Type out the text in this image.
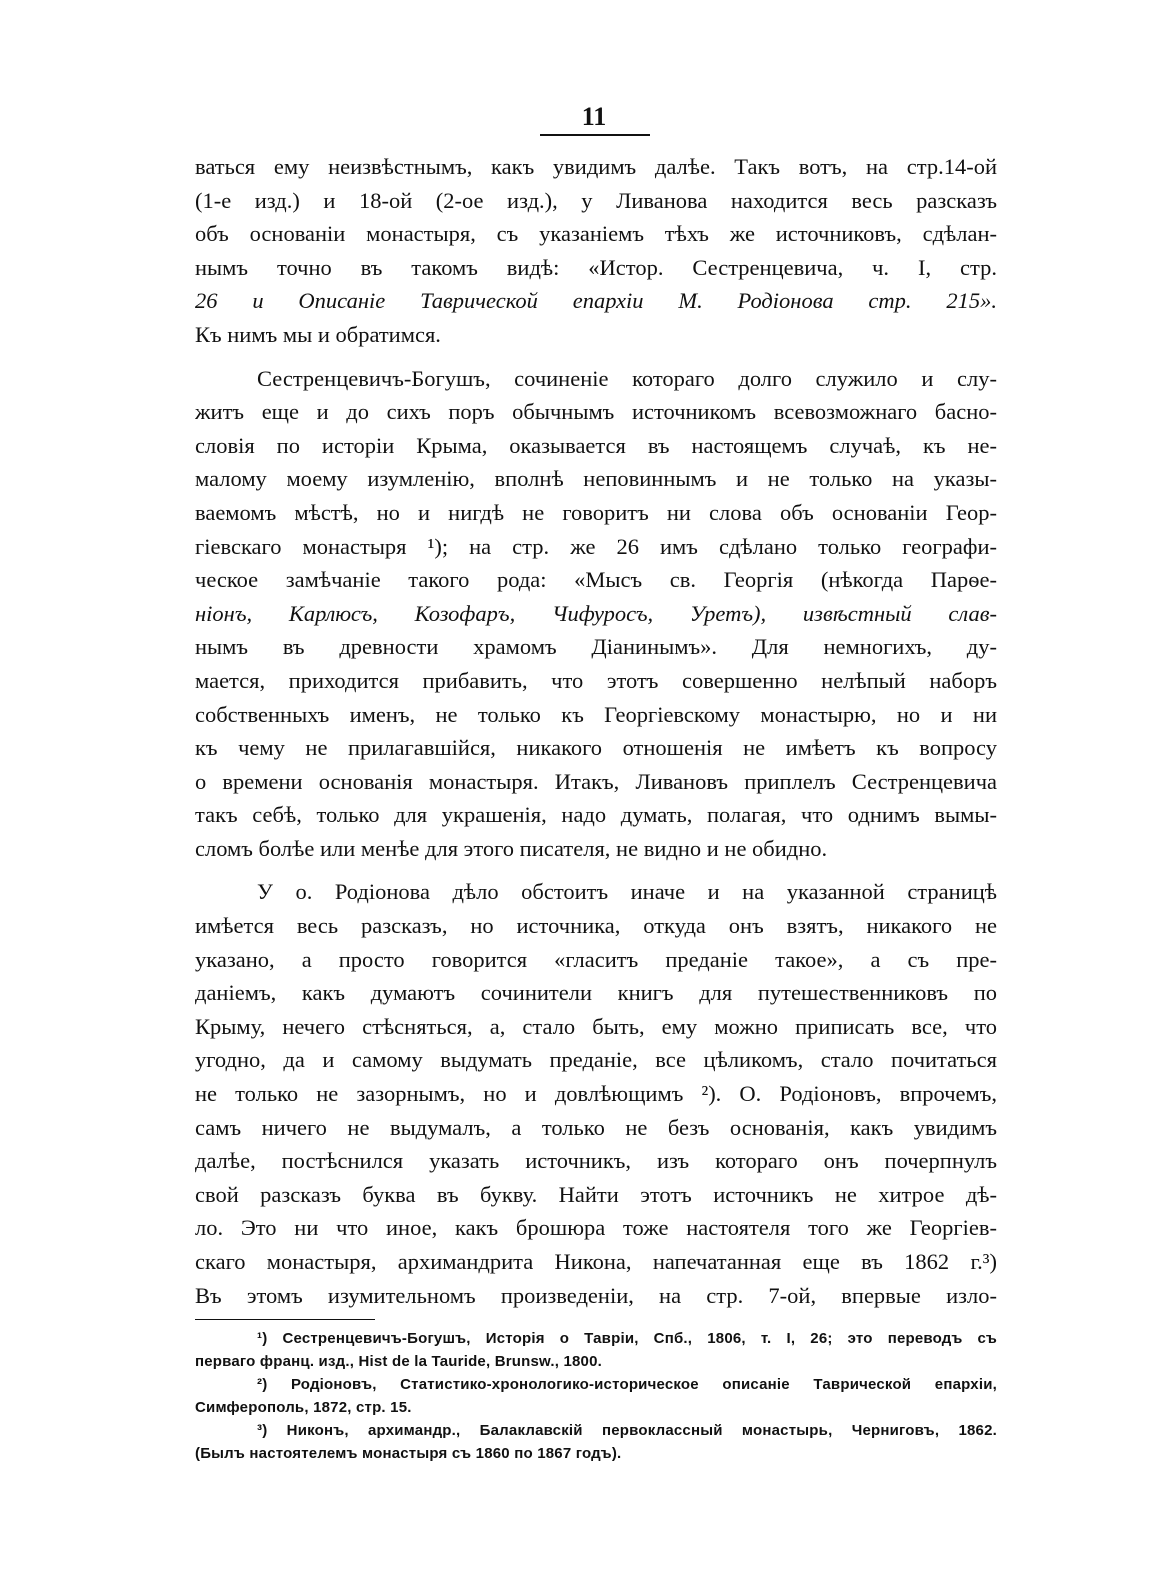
11
ваться ему неизвѣстнымъ, какъ увидимъ далѣе. Такъ вотъ, на стр.14-ой
(1-е изд.) и 18-ой (2-ое изд.), у Ливанова находится весь разсказъ
объ основаніи монастыря, съ указаніемъ тѣхъ же источниковъ, сдѣлан-
нымъ точно въ такомъ видѣ: «Истор. Сестренцевича, ч. I, стр.
26 и Описаніе Таврической епархіи М. Родіонова стр. 215».
Къ нимъ мы и обратимся.
Сестренцевичъ-Богушъ, сочиненіе котораго долго служило и слу-
житъ еще и до сихъ поръ обычнымъ источникомъ всевозможнаго басно-
словія по исторіи Крыма, оказывается въ настоящемъ случаѣ, къ не-
малому моему изумленію, вполнѣ неповиннымъ и не только на указы-
ваемомъ мѣстѣ, но и нигдѣ не говоритъ ни слова объ основаніи Геор-
гіевскаго монастыря ¹); на стр. же 26 имъ сдѣлано только географи-
ческое замѣчаніе такого рода: «Мысъ св. Георгія (нѣкогда Парѳе-
ніонъ, Карлюсъ, Козофаръ, Чифуросъ, Уретъ), извѣстный слав-
нымъ въ древности храмомъ Діанинымъ». Для немногихъ, ду-
мается, приходится прибавить, что этотъ совершенно нелѣпый наборъ
собственныхъ именъ, не только къ Георгіевскому монастырю, но и ни
къ чему не прилагавшійся, никакого отношенія не имѣетъ къ вопросу
о времени основанія монастыря. Итакъ, Ливановъ приплелъ Сестренцевича
такъ себѣ, только для украшенія, надо думать, полагая, что однимъ вымы-
сломъ болѣе или менѣе для этого писателя, не видно и не обидно.
У о. Родіонова дѣло обстоитъ иначе и на указанной страницѣ
имѣется весь разсказъ, но источника, откуда онъ взятъ, никакого не
указано, а просто говорится «гласитъ преданіе такое», а съ пре-
даніемъ, какъ думаютъ сочинители книгъ для путешественниковъ по
Крыму, нечего стѣсняться, а, стало быть, ему можно приписать все, что
угодно, да и самому выдумать преданіе, все цѣликомъ, стало почитаться
не только не зазорнымъ, но и довлѣющимъ ²). О. Родіоновъ, впрочемъ,
самъ ничего не выдумалъ, а только не безъ основанія, какъ увидимъ
далѣе, постѣснился указать источникъ, изъ котораго онъ почерпнулъ
свой разсказъ буква въ букву. Найти этотъ источникъ не хитрое дѣ-
ло. Это ни что иное, какъ брошюра тоже настоятеля того же Георгіев-
скаго монастыря, архимандрита Никона, напечатанная еще въ 1862 г.³)
Въ этомъ изумительномъ произведеніи, на стр. 7-ой, впервые изло-
¹) Сестренцевичъ-Богушъ, Исторія о Тавріи, Спб., 1806, т. I, 26; это переводъ съ
перваго франц. изд., Hist de la Tauride, Brunsw., 1800.
²) Родіоновъ, Статистико-хронологико-историческое описаніе Таврической епархіи,
Симферополь, 1872, стр. 15.
³) Никонъ, архимандр., Балаклавскій первоклассный монастырь, Черниговъ, 1862.
(Былъ настоятелемъ монастыря съ 1860 по 1867 годъ).
